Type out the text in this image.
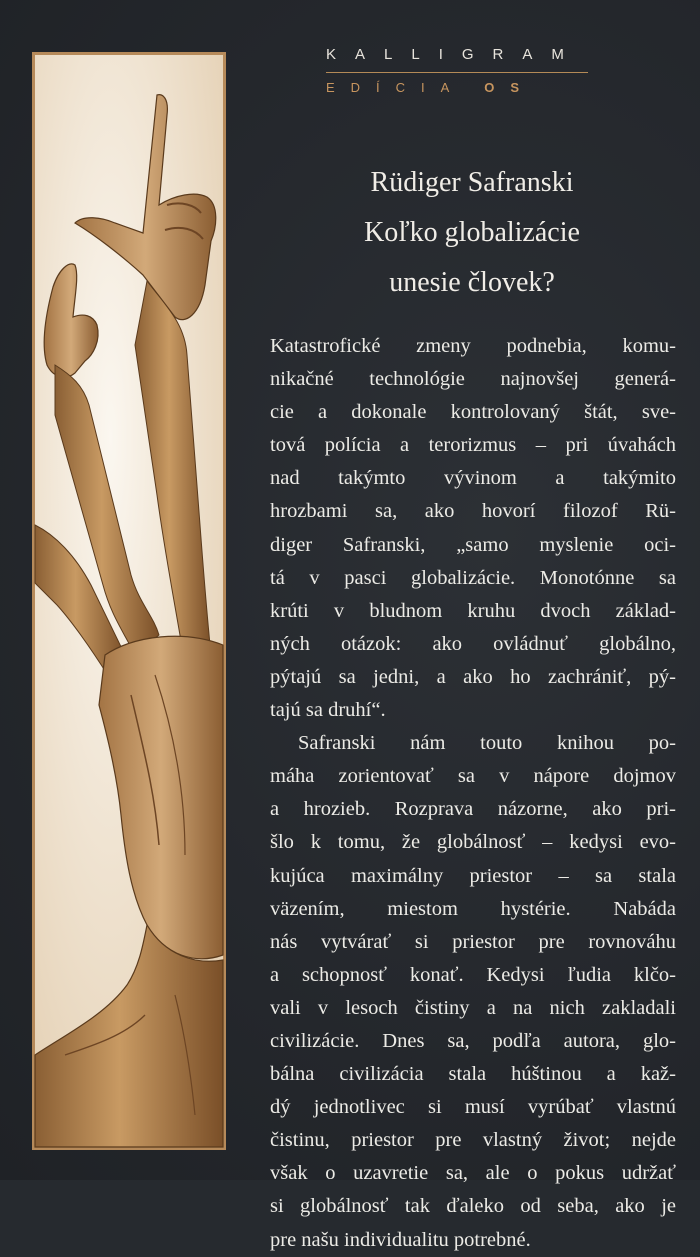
KALLIGRAM
EDÍCIA OS
Rüdiger Safranski
Koľko globalizácie
unesie človek?

Katastrofické zmeny podnebia, komu-
nikačné technológie najnovšej generá-
cie a dokonale kontrolovaný štát, sve-
tová polícia a terorizmus – pri úvahách
nad takýmto vývinom a takýmito
hrozbami sa, ako hovorí filozof Rü-
diger Safranski, „samo myslenie oci-
tá v pasci globalizácie. Monotónne sa
krúti v bludnom kruhu dvoch základ-
ných otázok: ako ovládnuť globálno,
pýtajú sa jedni, a ako ho zachrániť, pý-
tajú sa druhí“.

Safranski nám touto knihou po-
máha zorientovať sa v nápore dojmov
a hrozieb. Rozprava názorne, ako pri-
šlo k tomu, že globálnosť – kedysi evo-
kujúca maximálny priestor – sa stala
väzením, miestom hystérie. Nabáda
nás vytvárať si priestor pre rovnováhu
a schopnosť konať. Kedysi ľudia klčo-
vali v lesoch čistiny a na nich zakladali
civilizácie. Dnes sa, podľa autora, glo-
bálna civilizácia stala húštinou a kaž-
dý jednotlivec si musí vyrúbať vlastnú
čistinu, priestor pre vlastný život; nejde
však o uzavretie sa, ale o pokus udržať
si globálnosť tak ďaleko od seba, ako je
pre našu individualitu potrebné.
